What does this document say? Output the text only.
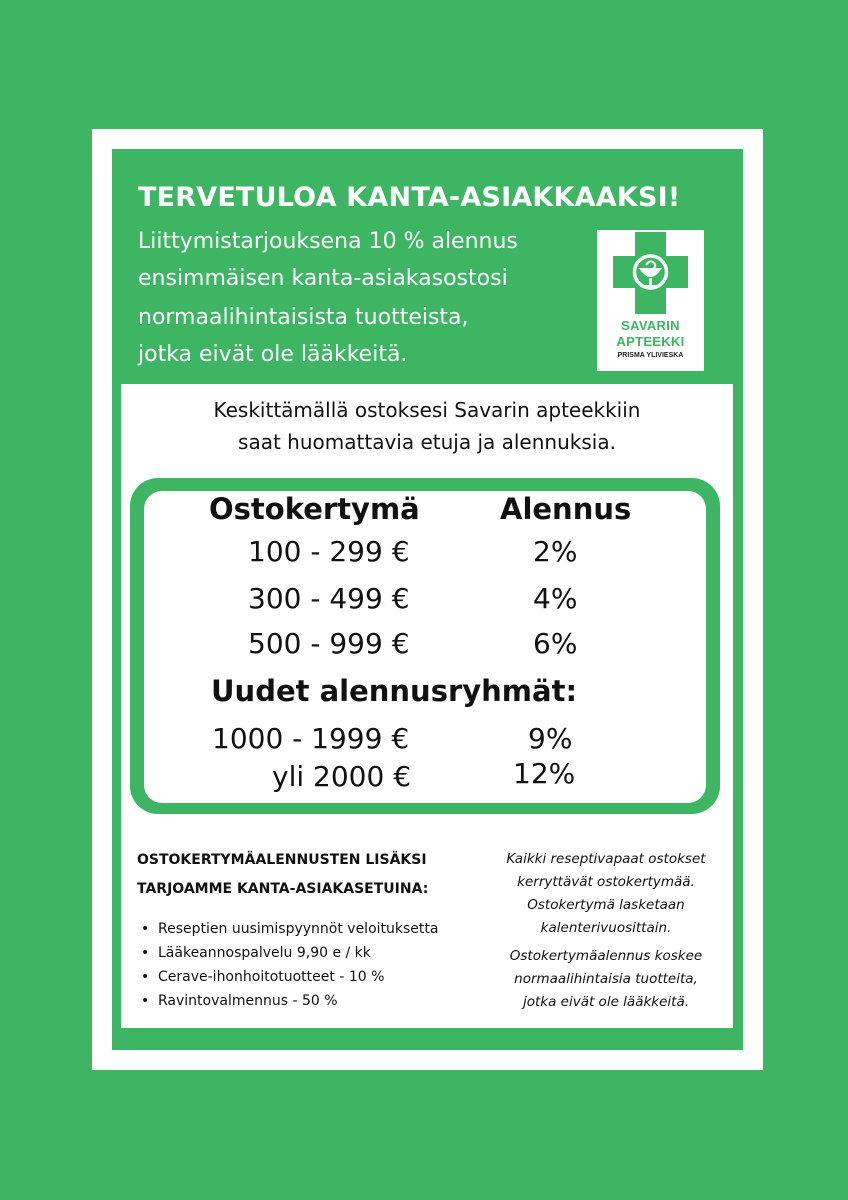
TERVETULOA KANTA-ASIAKKAAKSI!

Liittymistarjouksena 10 % alennus

ensimmäisen kanta-asiakasostosi

normaalihintaisista tuotteista,

jotka eivät ole lääkkeitä.

SAVARIN
APTEEKKI
PRISMA YLIVIESKA

Keskittämällä ostoksesi Savarin apteekkiin

saat huomattavia etuja ja alennuksia.

Ostokertymä	Alennus

100 - 299 €	2%

300 - 499 €	4%

500 - 999 €	6%

Uudet alennusryhmät:

1000 - 1999 €	9%

yli 2000 €	12%

OSTOKERTYMÄALENNUSTEN LISÄKSI

TARJOAMME KANTA-ASIAKASETUINA:

• Reseptien uusimispyynnöt veloituksetta

• Lääkeannospalvelu 9,90 e / kk

• Cerave-ihonhoitotuotteet - 10 %

• Ravintovalmennus - 50 %

Kaikki reseptivapaat ostokset

kerryttävät ostokertymää.

Ostokertymä lasketaan

kalenterivuosittain.

Ostokertymäalennus koskee

normaalihintaisia tuotteita,

jotka eivät ole lääkkeitä.
